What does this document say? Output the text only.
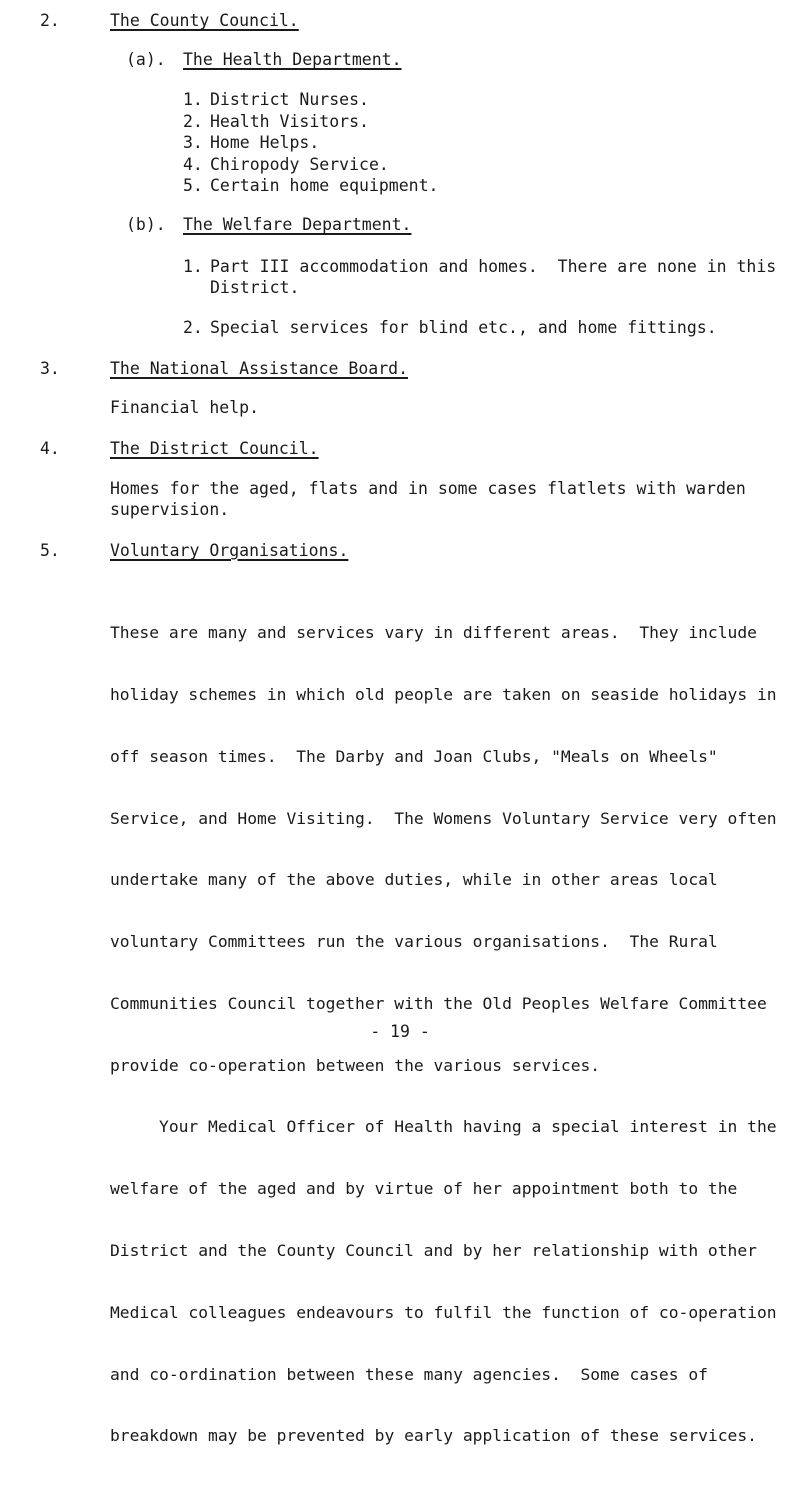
2.	The County Council.
(a). The Health Department.
1. District Nurses.
2. Health Visitors.
3. Home Helps.
4. Chiropody Service.
5. Certain home equipment.
(b). The Welfare Department.
1. Part III accommodation and homes.  There are none in this
District.
2. Special services for blind etc., and home fittings.
3.	The National Assistance Board.
Financial help.
4.	The District Council.
Homes for the aged, flats and in some cases flatlets with warden
supervision.
5.	Voluntary Organisations.

These are many and services vary in different areas.  They include

holiday schemes in which old people are taken on seaside holidays in

off season times.  The Darby and Joan Clubs, "Meals on Wheels"

Service, and Home Visiting.  The Womens Voluntary Service very often

undertake many of the above duties, while in other areas local

voluntary Committees run the various organisations.  The Rural

Communities Council together with the Old Peoples Welfare Committee

provide co-operation between the various services.

Your Medical Officer of Health having a special interest in the

welfare of the aged and by virtue of her appointment both to the

District and the County Council and by her relationship with other

Medical colleagues endeavours to fulfil the function of co-operation

and co-ordination between these many agencies.  Some cases of

breakdown may be prevented by early application of these services.

- 19 -
